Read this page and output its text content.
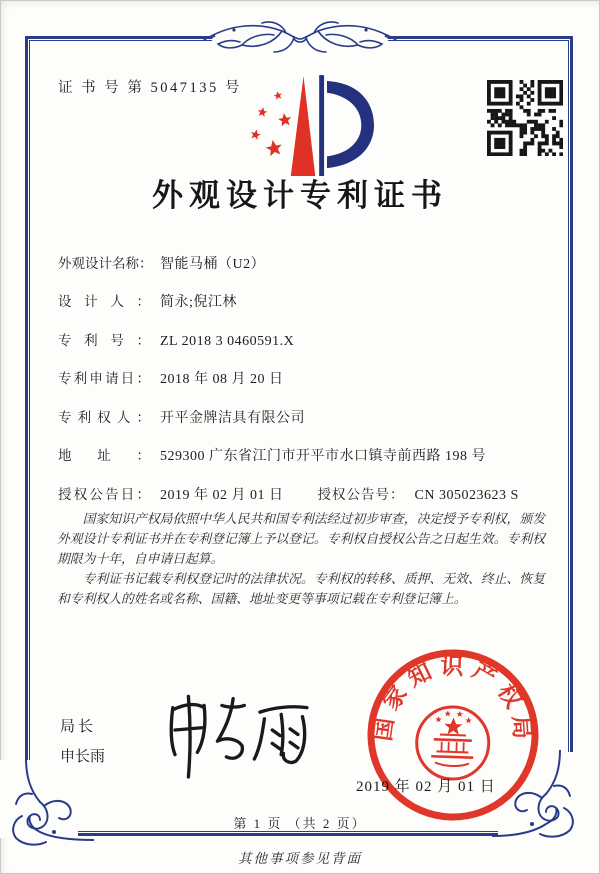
证 书 号 第 5047135 号
外观设计专利证书
外观设计名称： 智能马桶（U2）
设计人： 简永;倪江林
专利号： ZL 2018 3 0460591.X
专利申请日： 2018 年 08 月 20 日
专利权人： 开平金牌洁具有限公司
地址： 529300 广东省江门市开平市水口镇寺前西路 198 号
授权公告日： 2019 年 02 月 01 日	授权公告号： CN 305023623 S

国家知识产权局依照中华人民共和国专利法经过初步审查，决定授予专利权，颁发外观设计专利证书并在专利登记簿上予以登记。专利权自授权公告之日起生效。专利权期限为十年，自申请日起算。

专利证书记载专利权登记时的法律状况。专利权的转移、质押、无效、终止、恢复和专利权人的姓名或名称、国籍、地址变更等事项记载在专利登记簿上。

局长
申长雨
2019 年 02 月 01 日
国家知识产权局
第 1 页 （共 2 页）
其他事项参见背面
